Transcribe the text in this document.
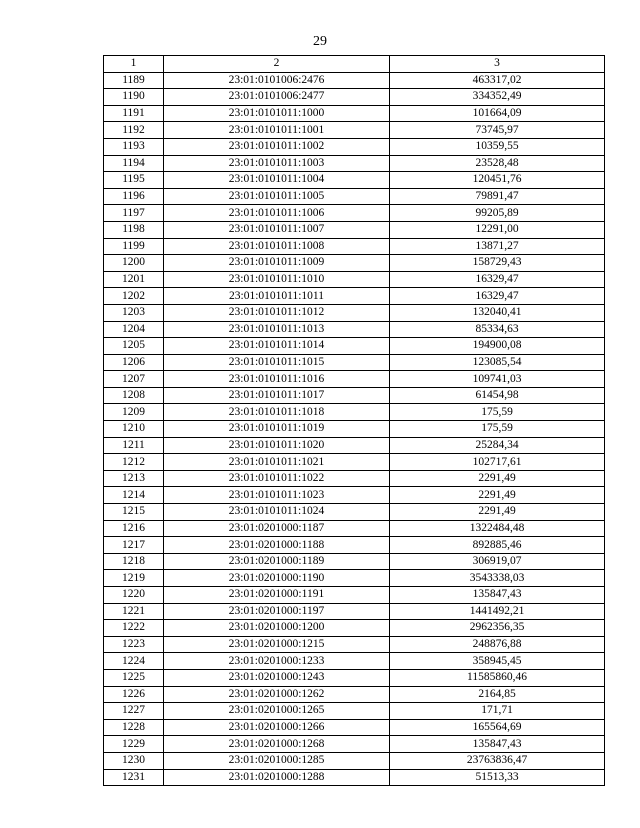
29
1	2	3
1189	23:01:0101006:2476	463317,02
1190	23:01:0101006:2477	334352,49
1191	23:01:0101011:1000	101664,09
1192	23:01:0101011:1001	73745,97
1193	23:01:0101011:1002	10359,55
1194	23:01:0101011:1003	23528,48
1195	23:01:0101011:1004	120451,76
1196	23:01:0101011:1005	79891,47
1197	23:01:0101011:1006	99205,89
1198	23:01:0101011:1007	12291,00
1199	23:01:0101011:1008	13871,27
1200	23:01:0101011:1009	158729,43
1201	23:01:0101011:1010	16329,47
1202	23:01:0101011:1011	16329,47
1203	23:01:0101011:1012	132040,41
1204	23:01:0101011:1013	85334,63
1205	23:01:0101011:1014	194900,08
1206	23:01:0101011:1015	123085,54
1207	23:01:0101011:1016	109741,03
1208	23:01:0101011:1017	61454,98
1209	23:01:0101011:1018	175,59
1210	23:01:0101011:1019	175,59
1211	23:01:0101011:1020	25284,34
1212	23:01:0101011:1021	102717,61
1213	23:01:0101011:1022	2291,49
1214	23:01:0101011:1023	2291,49
1215	23:01:0101011:1024	2291,49
1216	23:01:0201000:1187	1322484,48
1217	23:01:0201000:1188	892885,46
1218	23:01:0201000:1189	306919,07
1219	23:01:0201000:1190	3543338,03
1220	23:01:0201000:1191	135847,43
1221	23:01:0201000:1197	1441492,21
1222	23:01:0201000:1200	2962356,35
1223	23:01:0201000:1215	248876,88
1224	23:01:0201000:1233	358945,45
1225	23:01:0201000:1243	11585860,46
1226	23:01:0201000:1262	2164,85
1227	23:01:0201000:1265	171,71
1228	23:01:0201000:1266	165564,69
1229	23:01:0201000:1268	135847,43
1230	23:01:0201000:1285	23763836,47
1231	23:01:0201000:1288	51513,33
